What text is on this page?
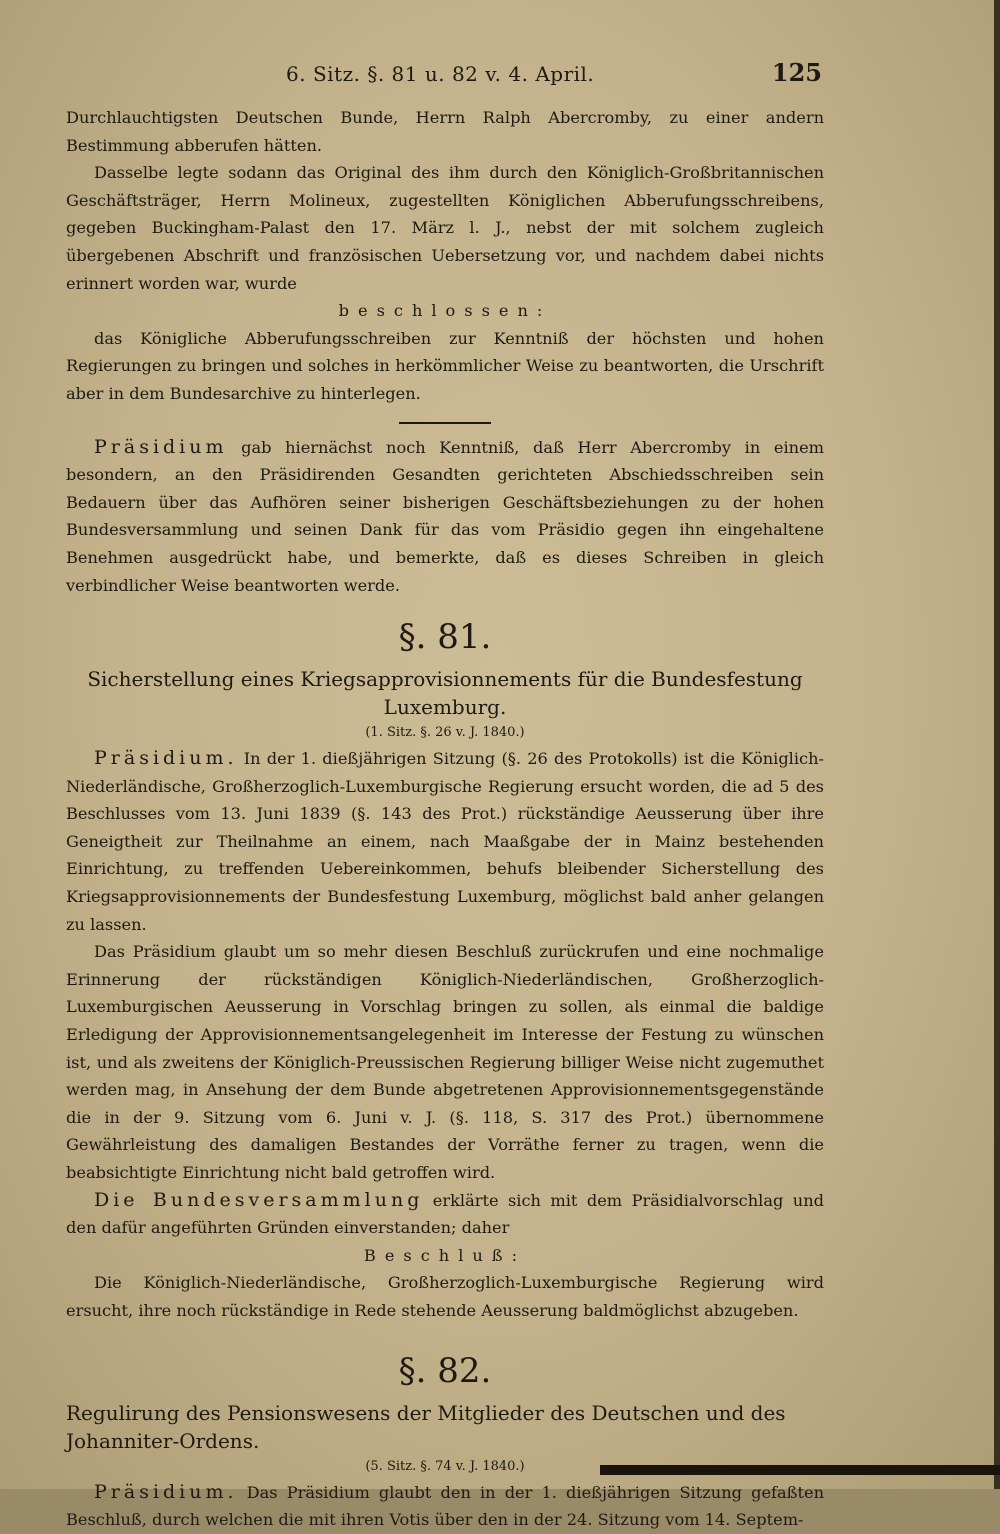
6. Sitz. §. 81 u. 82 v. 4. April.	125

Durchlauchtigsten Deutschen Bunde, Herrn Ralph Abercromby, zu einer andern Bestimmung abberufen hätten.

Dasselbe legte sodann das Original des ihm durch den Königlich-Großbritannischen Geschäftsträger, Herrn Molineux, zugestellten Königlichen Abberufungsschreibens, gegeben Buckingham-Palast den 17. März l. J., nebst der mit solchem zugleich übergebenen Abschrift und französischen Uebersetzung vor, und nachdem dabei nichts erinnert worden war, wurde

beschlossen:

das Königliche Abberufungsschreiben zur Kenntniß der höchsten und hohen Regierungen zu bringen und solches in herkömmlicher Weise zu beantworten, die Urschrift aber in dem Bundesarchive zu hinterlegen.

Präsidium gab hiernächst noch Kenntniß, daß Herr Abercromby in einem besondern, an den Präsidirenden Gesandten gerichteten Abschiedsschreiben sein Bedauern über das Aufhören seiner bisherigen Geschäftsbeziehungen zu der hohen Bundesversammlung und seinen Dank für das vom Präsidio gegen ihn eingehaltene Benehmen ausgedrückt habe, und bemerkte, daß es dieses Schreiben in gleich verbindlicher Weise beantworten werde.

§. 81.

Sicherstellung eines Kriegsapprovisionnements für die Bundesfestung Luxemburg.

(1. Sitz. §. 26 v. J. 1840.)

Präsidium. In der 1. dießjährigen Sitzung (§. 26 des Protokolls) ist die Königlich-Niederländische, Großherzoglich-Luxemburgische Regierung ersucht worden, die ad 5 des Beschlusses vom 13. Juni 1839 (§. 143 des Prot.) rückständige Aeusserung über ihre Geneigtheit zur Theilnahme an einem, nach Maaßgabe der in Mainz bestehenden Einrichtung, zu treffenden Uebereinkommen, behufs bleibender Sicherstellung des Kriegsapprovisionnements der Bundesfestung Luxemburg, möglichst bald anher gelangen zu lassen.

Das Präsidium glaubt um so mehr diesen Beschluß zurückrufen und eine nochmalige Erinnerung der rückständigen Königlich-Niederländischen, Großherzoglich-Luxemburgischen Aeusserung in Vorschlag bringen zu sollen, als einmal die baldige Erledigung der Approvisionnementsangelegenheit im Interesse der Festung zu wünschen ist, und als zweitens der Königlich-Preussischen Regierung billiger Weise nicht zugemuthet werden mag, in Ansehung der dem Bunde abgetretenen Approvisionnementsgegenstände die in der 9. Sitzung vom 6. Juni v. J. (§. 118, S. 317 des Prot.) übernommene Gewährleistung des damaligen Bestandes der Vorräthe ferner zu tragen, wenn die beabsichtigte Einrichtung nicht bald getroffen wird.

Die Bundesversammlung erklärte sich mit dem Präsidialvorschlag und den dafür angeführten Gründen einverstanden; daher

Beschluß:

Die Königlich-Niederländische, Großherzoglich-Luxemburgische Regierung wird ersucht, ihre noch rückständige in Rede stehende Aeusserung baldmöglichst abzugeben.

§. 82.

Regulirung des Pensionswesens der Mitglieder des Deutschen und des Johanniter-Ordens.

(5. Sitz. §. 74 v. J. 1840.)

Präsidium. Das Präsidium glaubt den in der 1. dießjährigen Sitzung gefaßten Beschluß, durch welchen die mit ihren Votis über den in der 24. Sitzung vom 14. Septem-
